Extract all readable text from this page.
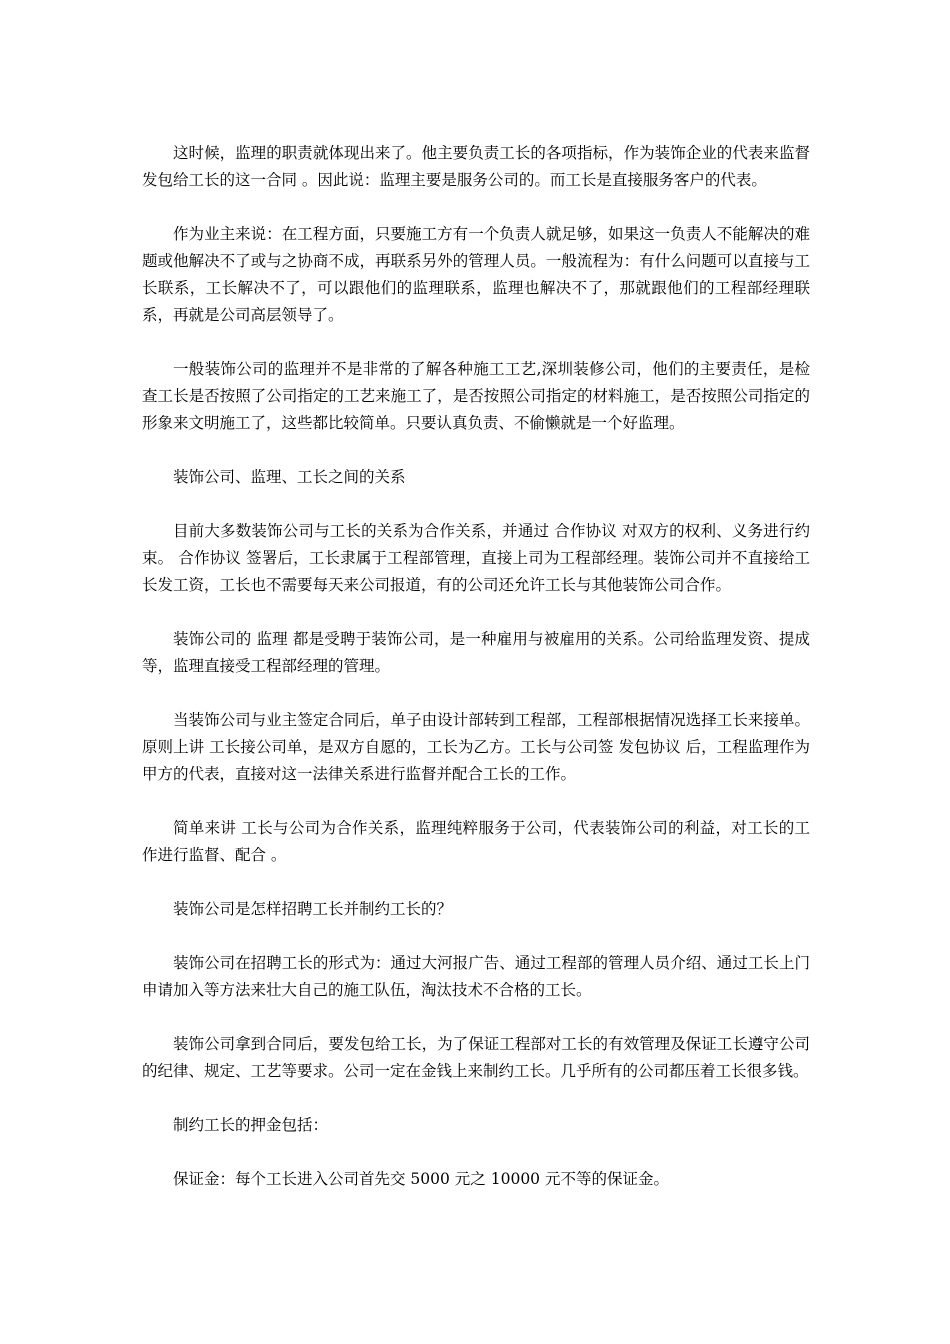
这时候，监理的职责就体现出来了。他主要负责工长的各项指标，作为装饰企业的代表来监督 发包给工长的这一合同 。因此说：监理主要是服务公司的。而工长是直接服务客户的代表。

作为业主来说：在工程方面，只要施工方有一个负责人就足够，如果这一负责人不能解决的难题或他解决不了或与之协商不成，再联系另外的管理人员。一般流程为：有什么问题可以直接与工长联系，工长解决不了，可以跟他们的监理联系，监理也解决不了，那就跟他们的工程部经理联系，再就是公司高层领导了。

一般装饰公司的监理并不是非常的了解各种施工工艺,深圳装修公司，他们的主要责任，是检查工长是否按照了公司指定的工艺来施工了，是否按照公司指定的材料施工，是否按照公司指定的形象来文明施工了，这些都比较简单。只要认真负责、不偷懒就是一个好监理。

装饰公司、监理、工长之间的关系

目前大多数装饰公司与工长的关系为合作关系，并通过 合作协议 对双方的权利、义务进行约束。 合作协议 签署后，工长隶属于工程部管理，直接上司为工程部经理。装饰公司并不直接给工长发工资，工长也不需要每天来公司报道，有的公司还允许工长与其他装饰公司合作。

装饰公司的 监理 都是受聘于装饰公司，是一种雇用与被雇用的关系。公司给监理发资、提成等，监理直接受工程部经理的管理。

当装饰公司与业主签定合同后，单子由设计部转到工程部，工程部根据情况选择工长来接单。原则上讲 工长接公司单，是双方自愿的，工长为乙方。工长与公司签 发包协议 后，工程监理作为甲方的代表，直接对这一法律关系进行监督并配合工长的工作。

简单来讲 工长与公司为合作关系，监理纯粹服务于公司，代表装饰公司的利益，对工长的工作进行监督、配合 。

装饰公司是怎样招聘工长并制约工长的？

装饰公司在招聘工长的形式为：通过大河报广告、通过工程部的管理人员介绍、通过工长上门申请加入等方法来壮大自己的施工队伍，淘汰技术不合格的工长。

装饰公司拿到合同后，要发包给工长，为了保证工程部对工长的有效管理及保证工长遵守公司的纪律、规定、工艺等要求。公司一定在金钱上来制约工长。几乎所有的公司都压着工长很多钱。

制约工长的押金包括：

保证金：每个工长进入公司首先交 5000 元之 10000 元不等的保证金。
